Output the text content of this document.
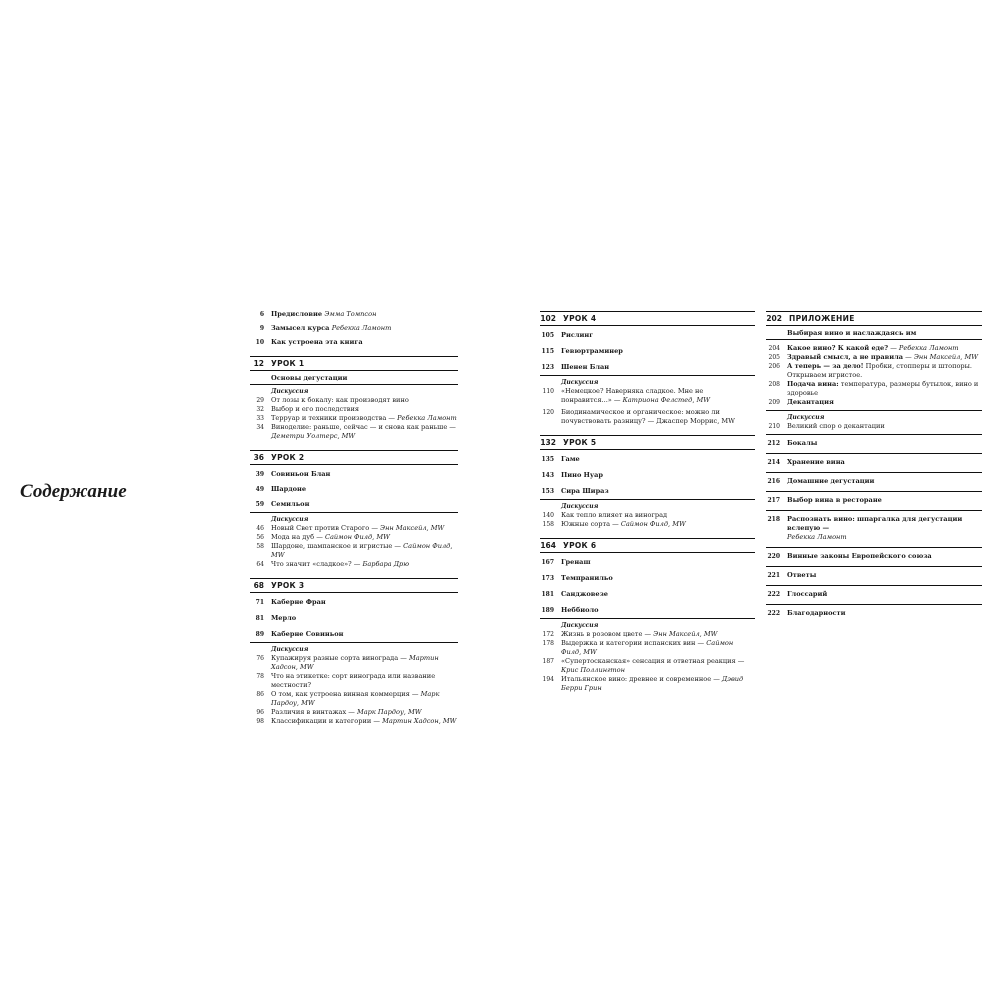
Содержание
6 Предисловие Эмма Томпсон
9 Замысел курса Ребекка Ламонт
10 Как устроена эта книга
12 УРОК 1
Основы дегустации
Дискуссия
29 От лозы к бокалу: как производят вино
32 Выбор и его последствия
33 Терруар и техники производства — Ребекка Ламонт
34 Виноделие: раньше, сейчас — и снова как раньше — Деметри Уолтерс, MW
36 УРОК 2
39 Совиньон Блан
49 Шардоне
59 Семильон
Дискуссия
46 Новый Свет против Старого — Энн Максейл, MW
56 Мода на дуб — Саймон Филд, MW
58 Шардоне, шампанское и игристые — Саймон Филд, MW
64 Что значит «сладкое»? — Барбара Дрю
68 УРОК 3
71 Каберне Фран
81 Мерло
89 Каберне Совиньон
Дискуссия
76 Купажируя разные сорта винограда — Мартин Хадсон, MW
78 Что на этикетке: сорт винограда или название местности?
86 О том, как устроена винная коммерция — Марк Пардоу, MW
96 Различия в винтажах — Марк Пардоу, MW
98 Классификации и категории — Мартин Хадсон, MW
102 УРОК 4
105 Рислинг
115 Гевюртраминер
123 Шенен Блан
Дискуссия
110 «Немецкое? Наверняка сладкое. Мне не понравится...» — Катриона Фелстед, MW
120 Биодинамическое и органическое: можно ли почувствовать разницу? — Джаспер Моррис, MW
132 УРОК 5
135 Гаме
143 Пино Нуар
153 Сира Шираз
Дискуссия
140 Как тепло влияет на виноград
158 Южные сорта — Саймон Филд, MW
164 УРОК 6
167 Гренаш
173 Темпранильо
181 Санджовезе
189 Неббиоло
Дискуссия
172 Жизнь в розовом цвете — Энн Максейл, MW
178 Выдержка и категории испанских вин — Саймон Филд, MW
187 «Супертосканская» сенсация и ответная реакция — Крис Поллингтон
194 Итальянское вино: древнее и современное — Дэвид Берри Грин
202 ПРИЛОЖЕНИЕ
Выбирая вино и наслаждаясь им
204 Какое вино? К какой еде? — Ребекка Ламонт
205 Здравый смысл, а не правила — Энн Максейл, MW
206 А теперь — за дело! Пробки, стопперы и штопоры. Открываем игристое.
208 Подача вина: температура, размеры бутылок, вино и здоровье
209 Декантация
Дискуссия
210 Великий спор о декантации
212 Бокалы
214 Хранение вина
216 Домашние дегустации
217 Выбор вина в ресторане
218 Распознать вино: шпаргалка для дегустации вслепую —
Ребекка Ламонт
220 Винные законы Европейского союза
221 Ответы
222 Глоссарий
222 Благодарности
